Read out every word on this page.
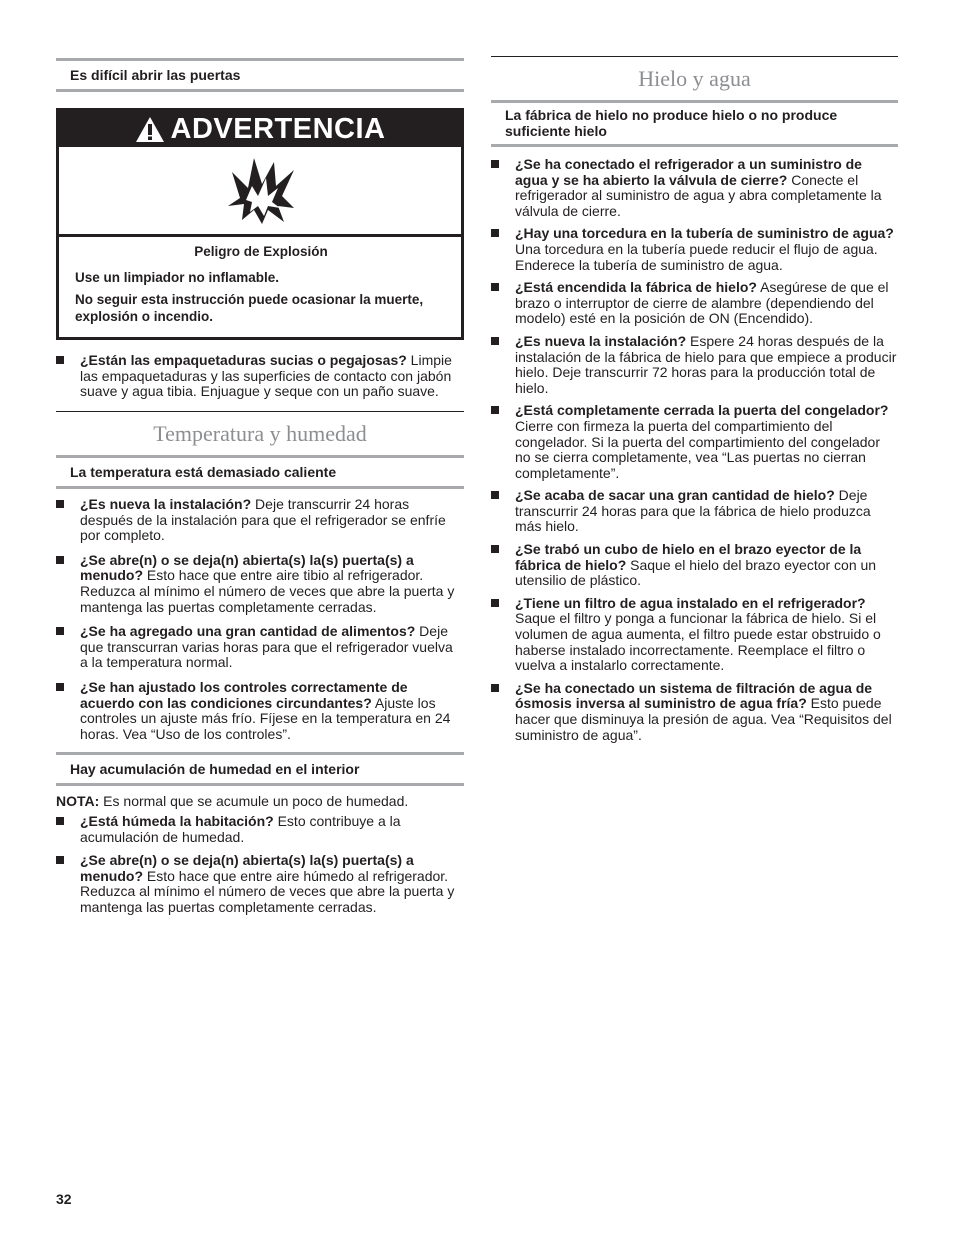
Es difícil abrir las puertas
ADVERTENCIA
Peligro de Explosión
Use un limpiador no inflamable.
No seguir esta instrucción puede ocasionar la muerte, explosión o incendio.
¿Están las empaquetaduras sucias o pegajosas? Limpie las empaquetaduras y las superficies de contacto con jabón suave y agua tibia. Enjuague y seque con un paño suave.
Temperatura y humedad
La temperatura está demasiado caliente
¿Es nueva la instalación? Deje transcurrir 24 horas después de la instalación para que el refrigerador se enfríe por completo.
¿Se abre(n) o se deja(n) abierta(s) la(s) puerta(s) a menudo? Esto hace que entre aire tibio al refrigerador. Reduzca al mínimo el número de veces que abre la puerta y mantenga las puertas completamente cerradas.
¿Se ha agregado una gran cantidad de alimentos? Deje que transcurran varias horas para que el refrigerador vuelva a la temperatura normal.
¿Se han ajustado los controles correctamente de acuerdo con las condiciones circundantes? Ajuste los controles un ajuste más frío. Fíjese en la temperatura en 24 horas. Vea “Uso de los controles”.
Hay acumulación de humedad en el interior
NOTA: Es normal que se acumule un poco de humedad.
¿Está húmeda la habitación? Esto contribuye a la acumulación de humedad.
¿Se abre(n) o se deja(n) abierta(s) la(s) puerta(s) a menudo? Esto hace que entre aire húmedo al refrigerador. Reduzca al mínimo el número de veces que abre la puerta y mantenga las puertas completamente cerradas.
Hielo y agua
La fábrica de hielo no produce hielo o no produce suficiente hielo
¿Se ha conectado el refrigerador a un suministro de agua y se ha abierto la válvula de cierre? Conecte el refrigerador al suministro de agua y abra completamente la válvula de cierre.
¿Hay una torcedura en la tubería de suministro de agua? Una torcedura en la tubería puede reducir el flujo de agua. Enderece la tubería de suministro de agua.
¿Está encendida la fábrica de hielo? Asegúrese de que el brazo o interruptor de cierre de alambre (dependiendo del modelo) esté en la posición de ON (Encendido).
¿Es nueva la instalación? Espere 24 horas después de la instalación de la fábrica de hielo para que empiece a producir hielo. Deje transcurrir 72 horas para la producción total de hielo.
¿Está completamente cerrada la puerta del congelador? Cierre con firmeza la puerta del compartimiento del congelador. Si la puerta del compartimiento del congelador no se cierra completamente, vea “Las puertas no cierran completamente”.
¿Se acaba de sacar una gran cantidad de hielo? Deje transcurrir 24 horas para que la fábrica de hielo produzca más hielo.
¿Se trabó un cubo de hielo en el brazo eyector de la fábrica de hielo? Saque el hielo del brazo eyector con un utensilio de plástico.
¿Tiene un filtro de agua instalado en el refrigerador? Saque el filtro y ponga a funcionar la fábrica de hielo. Si el volumen de agua aumenta, el filtro puede estar obstruido o haberse instalado incorrectamente. Reemplace el filtro o vuelva a instalarlo correctamente.
¿Se ha conectado un sistema de filtración de agua de ósmosis inversa al suministro de agua fría? Esto puede hacer que disminuya la presión de agua. Vea “Requisitos del suministro de agua”.
32
